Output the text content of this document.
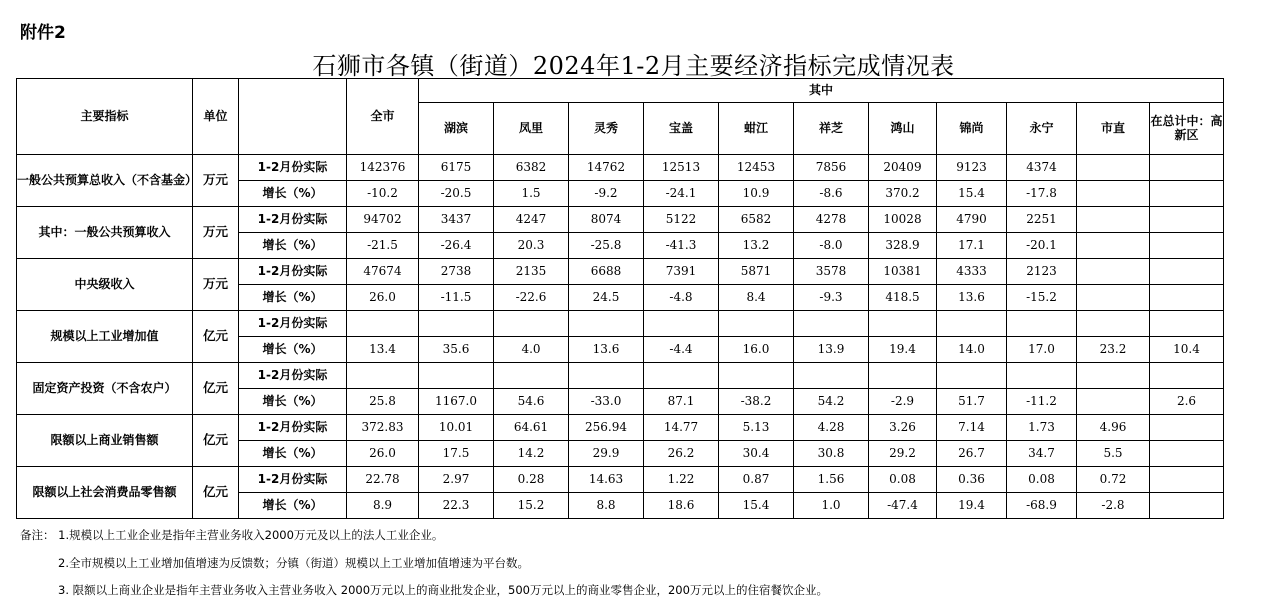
附件2
石狮市各镇（街道）2024年1-2月主要经济指标完成情况表
主要指标	单位		全市	其中										
				湖滨	凤里	灵秀	宝盖	蚶江	祥芝	鸿山	锦尚	永宁	市直	在总计中：高新区
一般公共预算总收入（不含基金）	万元	1-2月份实际	142376	6175	6382	14762	12513	12453	7856	20409	9123	4374		
		增长（%）	-10.2	-20.5	1.5	-9.2	-24.1	10.9	-8.6	370.2	15.4	-17.8		
其中：一般公共预算收入	万元	1-2月份实际	94702	3437	4247	8074	5122	6582	4278	10028	4790	2251		
		增长（%）	-21.5	-26.4	20.3	-25.8	-41.3	13.2	-8.0	328.9	17.1	-20.1		
中央级收入	万元	1-2月份实际	47674	2738	2135	6688	7391	5871	3578	10381	4333	2123		
		增长（%）	26.0	-11.5	-22.6	24.5	-4.8	8.4	-9.3	418.5	13.6	-15.2		
规模以上工业增加值	亿元	1-2月份实际												
		增长（%）	13.4	35.6	4.0	13.6	-4.4	16.0	13.9	19.4	14.0	17.0	23.2	10.4
固定资产投资（不含农户）	亿元	1-2月份实际												
		增长（%）	25.8	1167.0	54.6	-33.0	87.1	-38.2	54.2	-2.9	51.7	-11.2		2.6
限额以上商业销售额	亿元	1-2月份实际	372.83	10.01	64.61	256.94	14.77	5.13	4.28	3.26	7.14	1.73	4.96	
		增长（%）	26.0	17.5	14.2	29.9	26.2	30.4	30.8	29.2	26.7	34.7	5.5	
限额以上社会消费品零售额	亿元	1-2月份实际	22.78	2.97	0.28	14.63	1.22	0.87	1.56	0.08	0.36	0.08	0.72	
		增长（%）	8.9	22.3	15.2	8.8	18.6	15.4	1.0	-47.4	19.4	-68.9	-2.8	
备注： 1.规模以上工业企业是指年主营业务收入2000万元及以上的法人工业企业。
2.全市规模以上工业增加值增速为反馈数；分镇（街道）规模以上工业增加值增速为平台数。
3. 限额以上商业企业是指年主营业务收入主营业务收入 2000万元以上的商业批发企业，500万元以上的商业零售企业，200万元以上的住宿餐饮企业。
